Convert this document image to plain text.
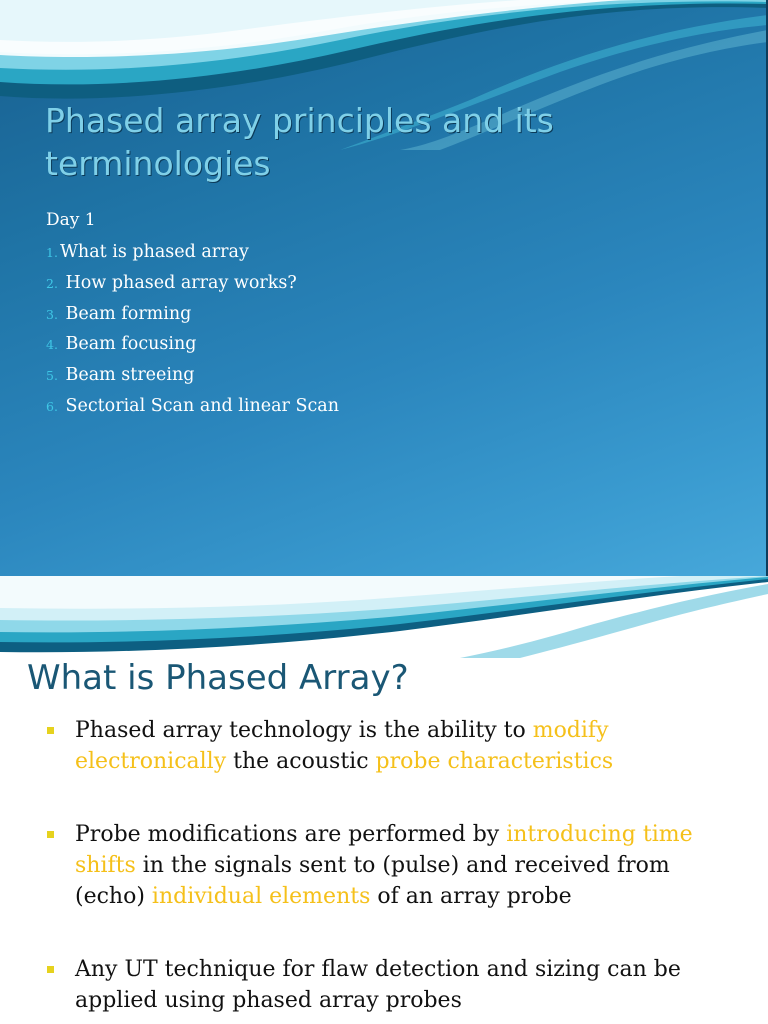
Phased array principles and its terminologies

Day 1

1. What is phased array
2. How phased array works?
3. Beam forming
4. Beam focusing
5. Beam streeing
6. Sectorial Scan and linear Scan
What is Phased Array?
Phased array technology is the ability to modify electronically the acoustic probe characteristics
Probe modifications are performed by introducing time shifts in the signals sent to (pulse) and received from (echo) individual elements of an array probe
Any UT technique for flaw detection and sizing can be applied using phased array probes
